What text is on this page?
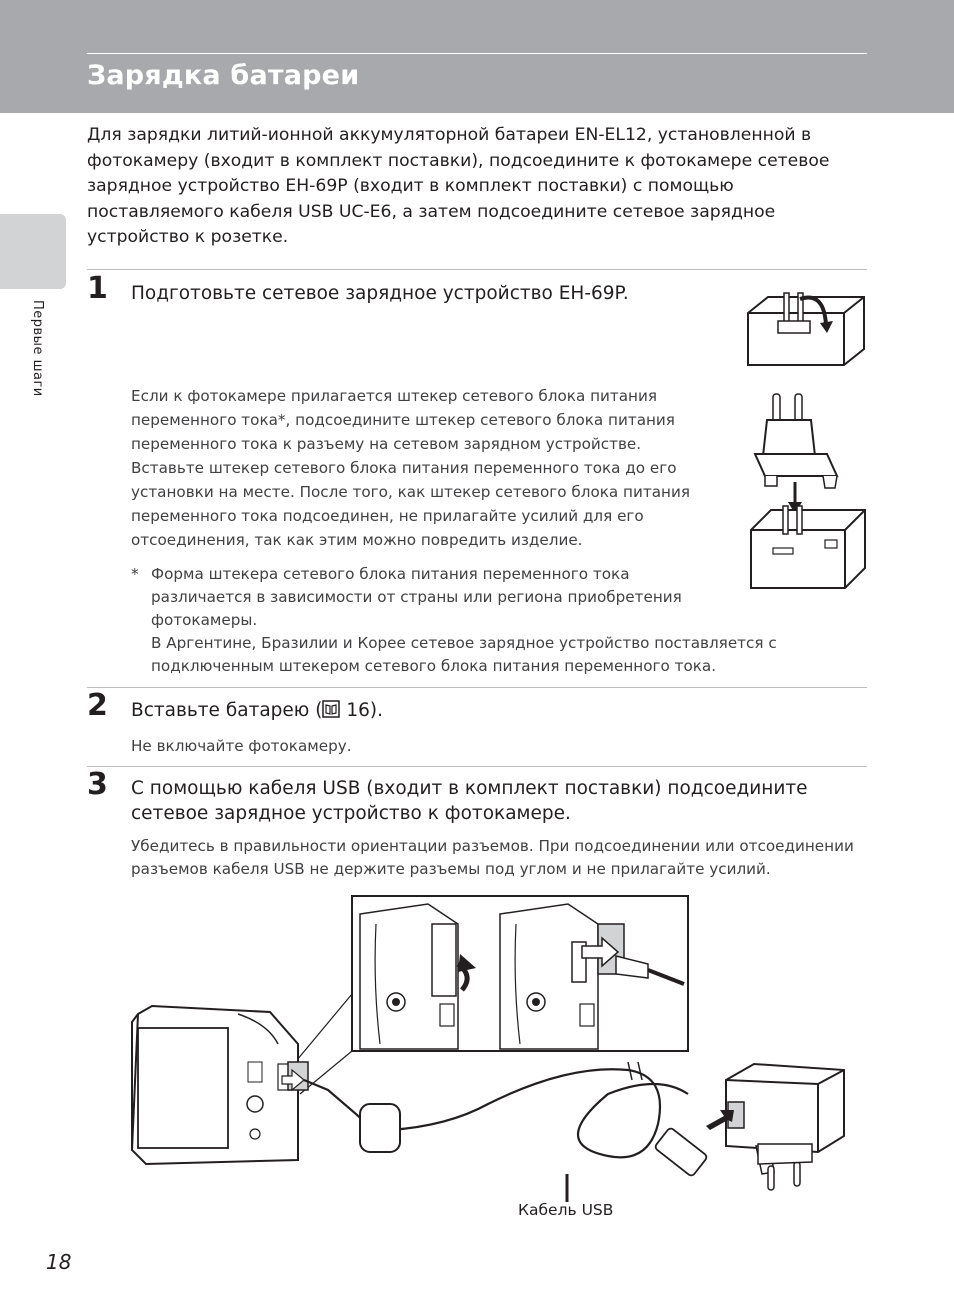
Зарядка батареи
Первые шаги

Для зарядки литий-ионной аккумуляторной батареи EN-EL12, установленной в
фотокамеру (входит в комплект поставки), подсоедините к фотокамере сетевое
зарядное устройство EH-69P (входит в комплект поставки) с помощью
поставляемого кабеля USB UC-E6, а затем подсоедините сетевое зарядное
устройство к розетке.

1 Подготовьте сетевое зарядное устройство EH-69P.

Если к фотокамере прилагается штекер сетевого блока питания
переменного тока*, подсоедините штекер сетевого блока питания
переменного тока к разъему на сетевом зарядном устройстве.
Вставьте штекер сетевого блока питания переменного тока до его
установки на месте. После того, как штекер сетевого блока питания
переменного тока подсоединен, не прилагайте усилий для его
отсоединения, так как этим можно повредить изделие.

* Форма штекера сетевого блока питания переменного тока
различается в зависимости от страны или региона приобретения
фотокамеры.
В Аргентине, Бразилии и Корее сетевое зарядное устройство поставляется с
подключенным штекером сетевого блока питания переменного тока.
2 Вставьте батарею (
16).

Не включайте фотокамеру.

3 С помощью кабеля USB (входит в комплект поставки) подсоедините
сетевое зарядное устройство к фотокамере.

Убедитесь в правильности ориентации разъемов. При подсоединении или отсоединении
разъемов кабеля USB не держите разъемы под углом и не прилагайте усилий.

Кабель USB
18
